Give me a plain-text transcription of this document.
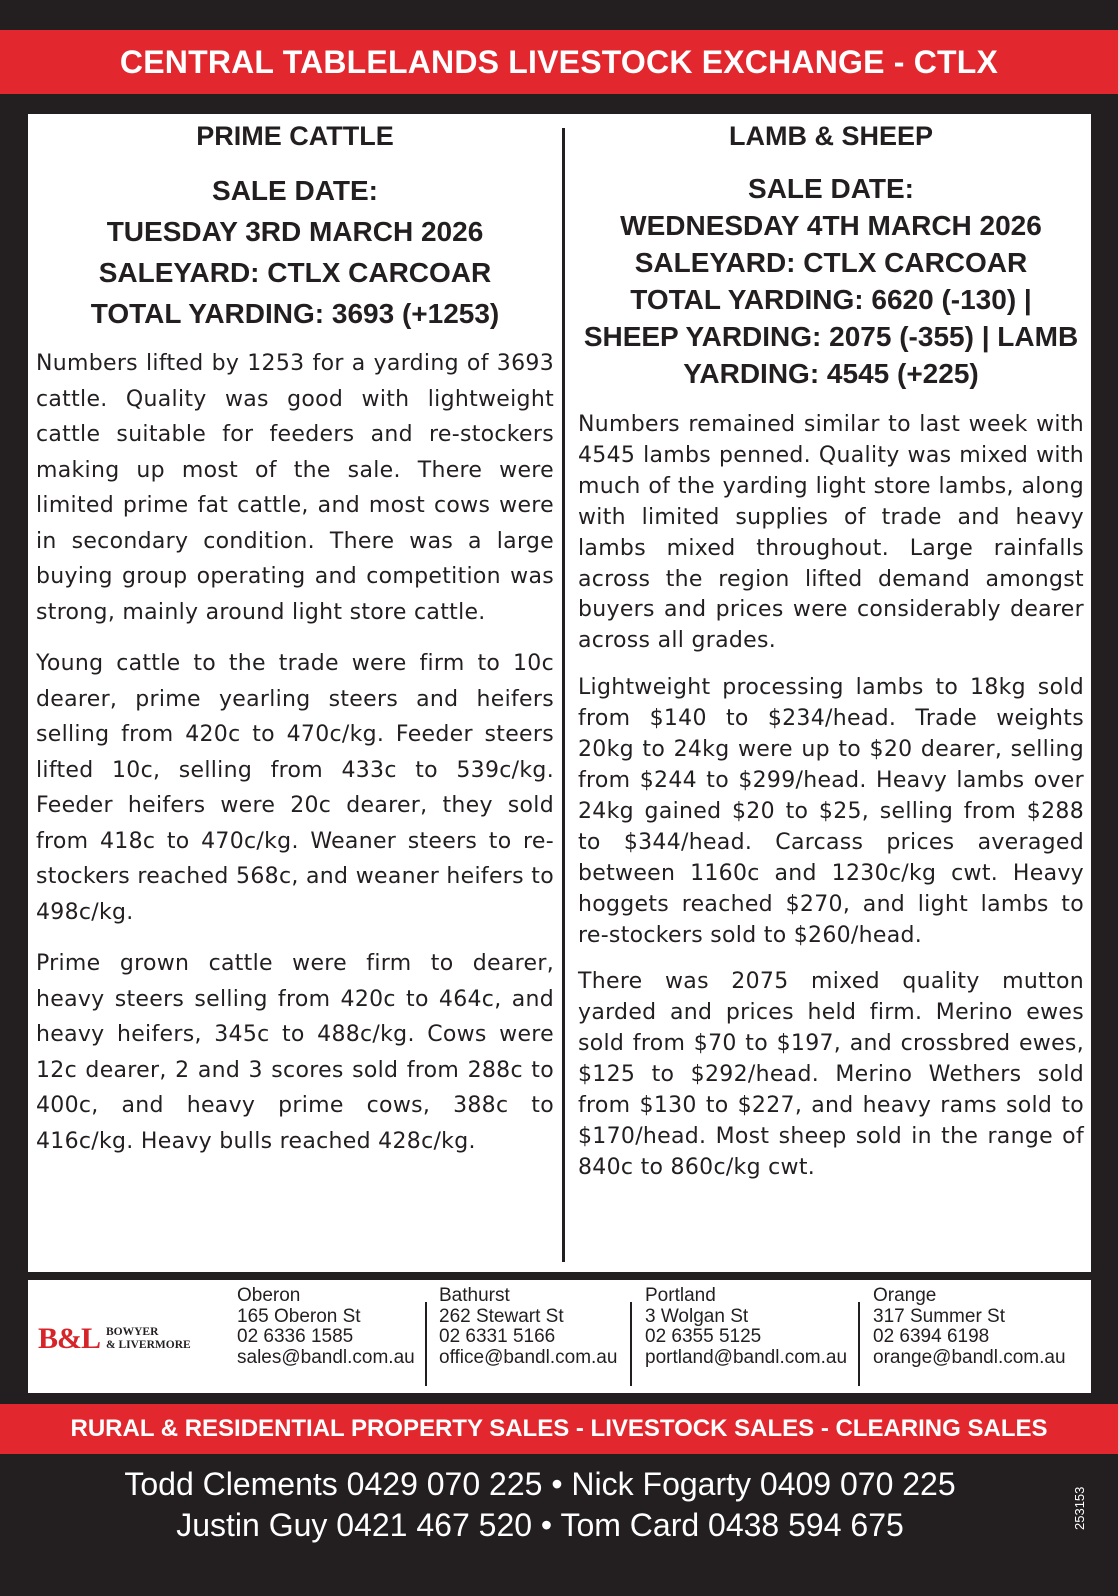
CENTRAL TABLELANDS LIVESTOCK EXCHANGE - CTLX
PRIME CATTLE
SALE DATE:
TUESDAY 3RD MARCH 2026
SALEYARD: CTLX CARCOAR
TOTAL YARDING: 3693 (+1253)

Numbers lifted by 1253 for a yarding of 3693 cattle. Quality was good with lightweight cattle suitable for feeders and re-stockers making up most of the sale. There were limited prime fat cattle, and most cows were in secondary condition. There was a large buying group operating and competition was strong, mainly around light store cattle.

Young cattle to the trade were firm to 10c dearer, prime yearling steers and heifers selling from 420c to 470c/kg. Feeder steers lifted 10c, selling from 433c to 539c/kg. Feeder heifers were 20c dearer, they sold from 418c to 470c/kg. Weaner steers to re-stockers reached 568c, and weaner heifers to 498c/kg.

Prime grown cattle were firm to dearer, heavy steers selling from 420c to 464c, and heavy heifers, 345c to 488c/kg. Cows were 12c dearer, 2 and 3 scores sold from 288c to 400c, and heavy prime cows, 388c to 416c/kg. Heavy bulls reached 428c/kg.

LAMB & SHEEP
SALE DATE:
WEDNESDAY 4TH MARCH 2026
SALEYARD: CTLX CARCOAR
TOTAL YARDING: 6620 (-130) |
SHEEP YARDING: 2075 (-355) | LAMB
YARDING: 4545 (+225)

Numbers remained similar to last week with 4545 lambs penned. Quality was mixed with much of the yarding light store lambs, along with limited supplies of trade and heavy lambs mixed throughout. Large rainfalls across the region lifted demand amongst buyers and prices were considerably dearer across all grades.

Lightweight processing lambs to 18kg sold from $140 to $234/head. Trade weights 20kg to 24kg were up to $20 dearer, selling from $244 to $299/head. Heavy lambs over 24kg gained $20 to $25, selling from $288 to $344/head. Carcass prices averaged between 1160c and 1230c/kg cwt. Heavy hoggets reached $270, and light lambs to re-stockers sold to $260/head.

There was 2075 mixed quality mutton yarded and prices held firm. Merino ewes sold from $70 to $197, and crossbred ewes, $125 to $292/head. Merino Wethers sold from $130 to $227, and heavy rams sold to $170/head. Most sheep sold in the range of 840c to 860c/kg cwt.

B&L BOWYER
& LIVERMORE
Oberon
165 Oberon St
02 6336 1585
sales@bandl.com.au
Bathurst
262 Stewart St
02 6331 5166
office@bandl.com.au
Portland
3 Wolgan St
02 6355 5125
portland@bandl.com.au
Orange
317 Summer St
02 6394 6198
orange@bandl.com.au
RURAL & RESIDENTIAL PROPERTY SALES - LIVESTOCK SALES - CLEARING SALES
Todd Clements 0429 070 225 • Nick Fogarty 0409 070 225
Justin Guy 0421 467 520 • Tom Card 0438 594 675	253153
